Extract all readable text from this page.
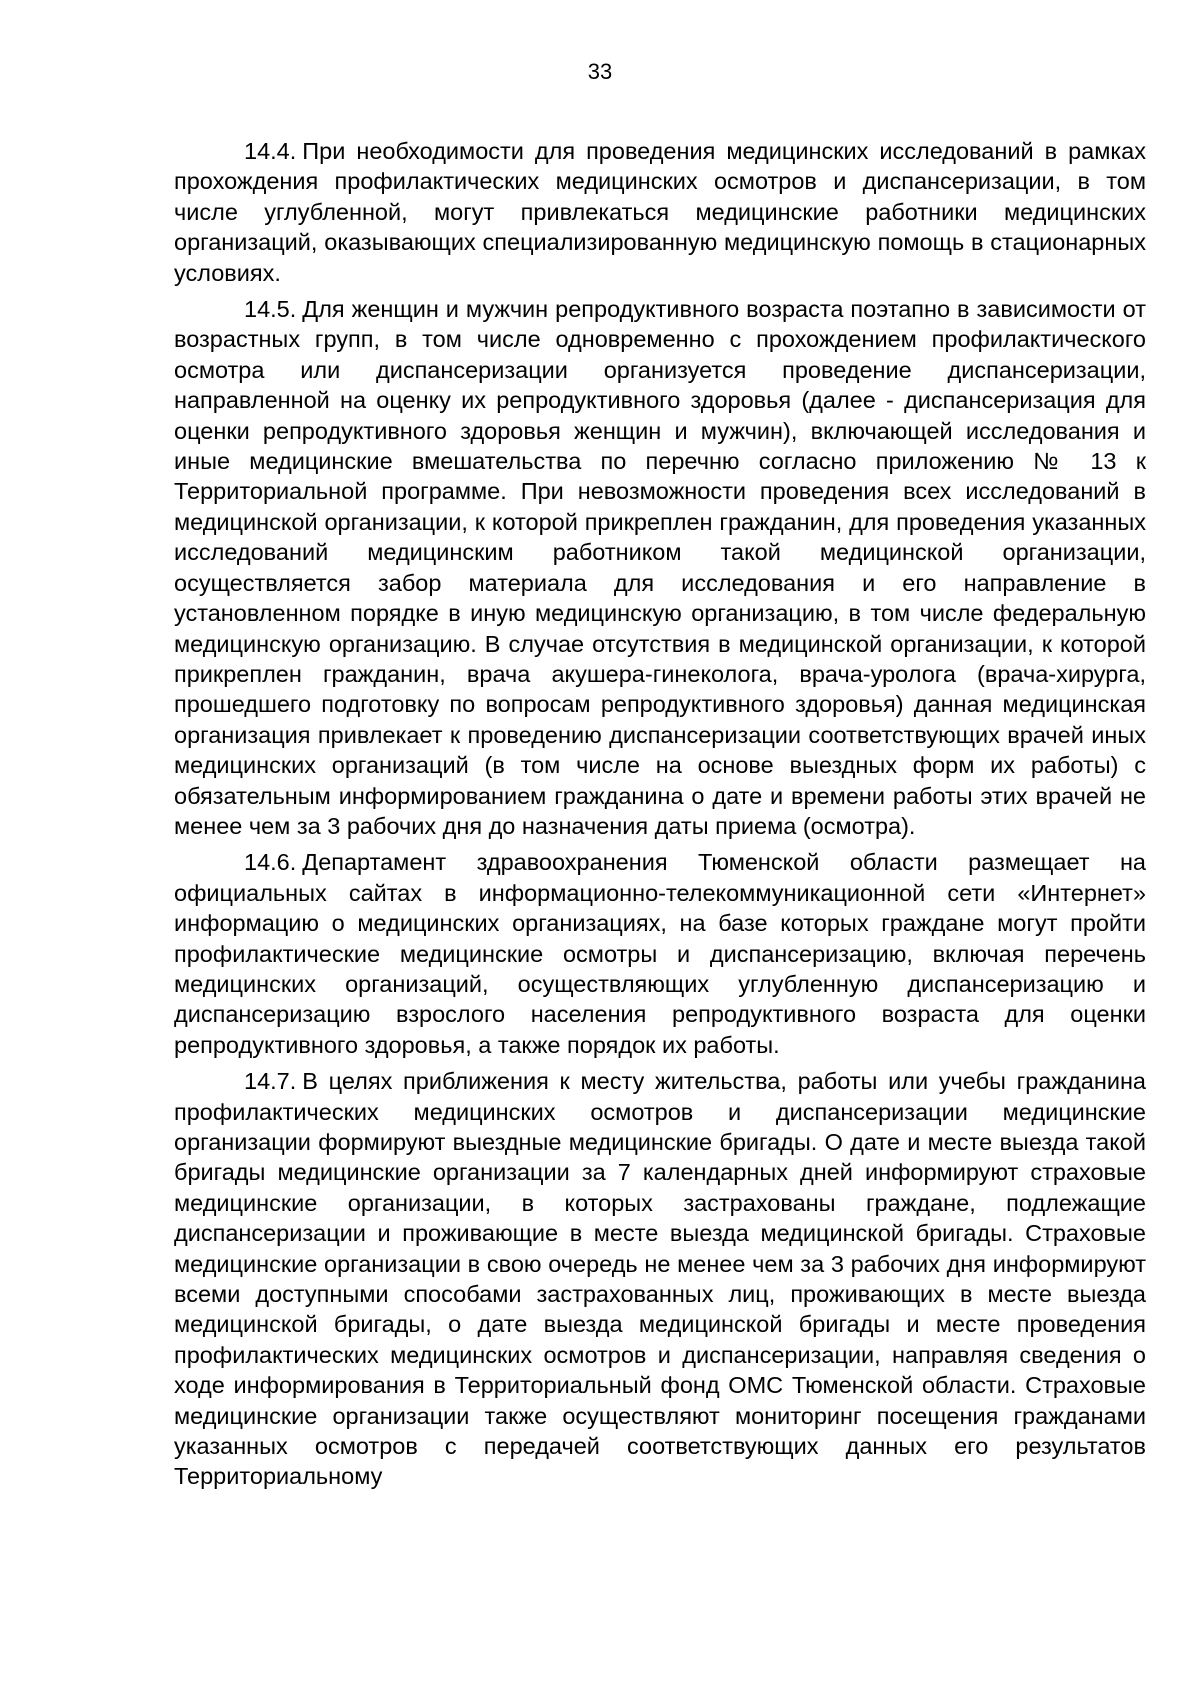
33

14.4. При необходимости для проведения медицинских исследований в рамках прохождения профилактических медицинских осмотров и диспансеризации, в том числе углубленной, могут привлекаться медицинские работники медицинских организаций, оказывающих специализированную медицинскую помощь в стационарных условиях.

14.5. Для женщин и мужчин репродуктивного возраста поэтапно в зависимости от возрастных групп, в том числе одновременно с прохождением профилактического осмотра или диспансеризации организуется проведение диспансеризации, направленной на оценку их репродуктивного здоровья (далее - диспансеризация для оценки репродуктивного здоровья женщин и мужчин), включающей исследования и иные медицинские вмешательства по перечню согласно приложению № 13 к Территориальной программе. При невозможности проведения всех исследований в медицинской организации, к которой прикреплен гражданин, для проведения указанных исследований медицинским работником такой медицинской организации, осуществляется забор материала для исследования и его направление в установленном порядке в иную медицинскую организацию, в том числе федеральную медицинскую организацию. В случае отсутствия в медицинской организации, к которой прикреплен гражданин, врача акушера-гинеколога, врача-уролога (врача-хирурга, прошедшего подготовку по вопросам репродуктивного здоровья) данная медицинская организация привлекает к проведению диспансеризации соответствующих врачей иных медицинских организаций (в том числе на основе выездных форм их работы) с обязательным информированием гражданина о дате и времени работы этих врачей не менее чем за 3 рабочих дня до назначения даты приема (осмотра).

14.6. Департамент здравоохранения Тюменской области размещает на официальных сайтах в информационно-телекоммуникационной сети «Интернет» информацию о медицинских организациях, на базе которых граждане могут пройти профилактические медицинские осмотры и диспансеризацию, включая перечень медицинских организаций, осуществляющих углубленную диспансеризацию и диспансеризацию взрослого населения репродуктивного возраста для оценки репродуктивного здоровья, а также порядок их работы.

14.7. В целях приближения к месту жительства, работы или учебы гражданина профилактических медицинских осмотров и диспансеризации медицинские организации формируют выездные медицинские бригады. О дате и месте выезда такой бригады медицинские организации за 7 календарных дней информируют страховые медицинские организации, в которых застрахованы граждане, подлежащие диспансеризации и проживающие в месте выезда медицинской бригады. Страховые медицинские организации в свою очередь не менее чем за 3 рабочих дня информируют всеми доступными способами застрахованных лиц, проживающих в месте выезда медицинской бригады, о дате выезда медицинской бригады и месте проведения профилактических медицинских осмотров и диспансеризации, направляя сведения о ходе информирования в Территориальный фонд ОМС Тюменской области. Страховые медицинские организации также осуществляют мониторинг посещения гражданами указанных осмотров с передачей соответствующих данных его результатов Территориальному
